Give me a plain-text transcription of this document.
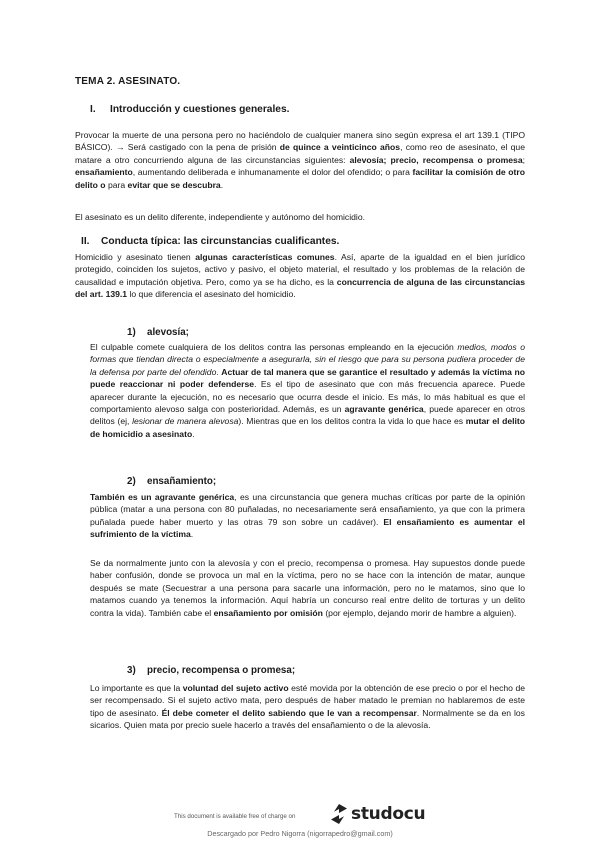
TEMA 2. ASESINATO.
I. Introducción y cuestiones generales.
Provocar la muerte de una persona pero no haciéndolo de cualquier manera sino según expresa el art 139.1 (TIPO BÁSICO). → Será castigado con la pena de prisión de quince a veinticinco años, como reo de asesinato, el que matare a otro concurriendo alguna de las circunstancias siguientes: alevosía; precio, recompensa o promesa; ensañamiento, aumentando deliberada e inhumanamente el dolor del ofendido; o para facilitar la comisión de otro delito o para evitar que se descubra.
El asesinato es un delito diferente, independiente y autónomo del homicidio.
II. Conducta típica: las circunstancias cualificantes.
Homicidio y asesinato tienen algunas características comunes. Así, aparte de la igualdad en el bien jurídico protegido, coinciden los sujetos, activo y pasivo, el objeto material, el resultado y los problemas de la relación de causalidad e imputación objetiva. Pero, como ya se ha dicho, es la concurrencia de alguna de las circunstancias del art. 139.1 lo que diferencia el asesinato del homicidio.
1) alevosía;
El culpable comete cualquiera de los delitos contra las personas empleando en la ejecución medios, modos o formas que tiendan directa o especialmente a asegurarla, sin el riesgo que para su persona pudiera proceder de la defensa por parte del ofendido. Actuar de tal manera que se garantice el resultado y además la víctima no puede reaccionar ni poder defenderse. Es el tipo de asesinato que con más frecuencia aparece. Puede aparecer durante la ejecución, no es necesario que ocurra desde el inicio. Es más, lo más habitual es que el comportamiento alevoso salga con posterioridad. Además, es un agravante genérica, puede aparecer en otros delitos (ej, lesionar de manera alevosa). Mientras que en los delitos contra la vida lo que hace es mutar el delito de homicidio a asesinato.
2) ensañamiento;
También es un agravante genérica, es una circunstancia que genera muchas críticas por parte de la opinión pública (matar a una persona con 80 puñaladas, no necesariamente será ensañamiento, ya que con la primera puñalada puede haber muerto y las otras 79 son sobre un cadáver). El ensañamiento es aumentar el sufrimiento de la víctima.
Se da normalmente junto con la alevosía y con el precio, recompensa o promesa. Hay supuestos donde puede haber confusión, donde se provoca un mal en la víctima, pero no se hace con la intención de matar, aunque después se mate (Secuestrar a una persona para sacarle una información, pero no le matamos, sino que lo matamos cuando ya tenemos la información. Aquí habría un concurso real entre delito de torturas y un delito contra la vida). También cabe el ensañamiento por omisión (por ejemplo, dejando morir de hambre a alguien).
3) precio, recompensa o promesa;
Lo importante es que la voluntad del sujeto activo esté movida por la obtención de ese precio o por el hecho de ser recompensado. Si el sujeto activo mata, pero después de haber matado le premian no hablaremos de este tipo de asesinato. Él debe cometer el delito sabiendo que le van a recompensar. Normalmente se da en los sicarios. Quien mata por precio suele hacerlo a través del ensañamiento o de la alevosía.
This document is available free of charge on	studocu
Descargado por Pedro Nigorra (nigorrapedro@gmail.com)
